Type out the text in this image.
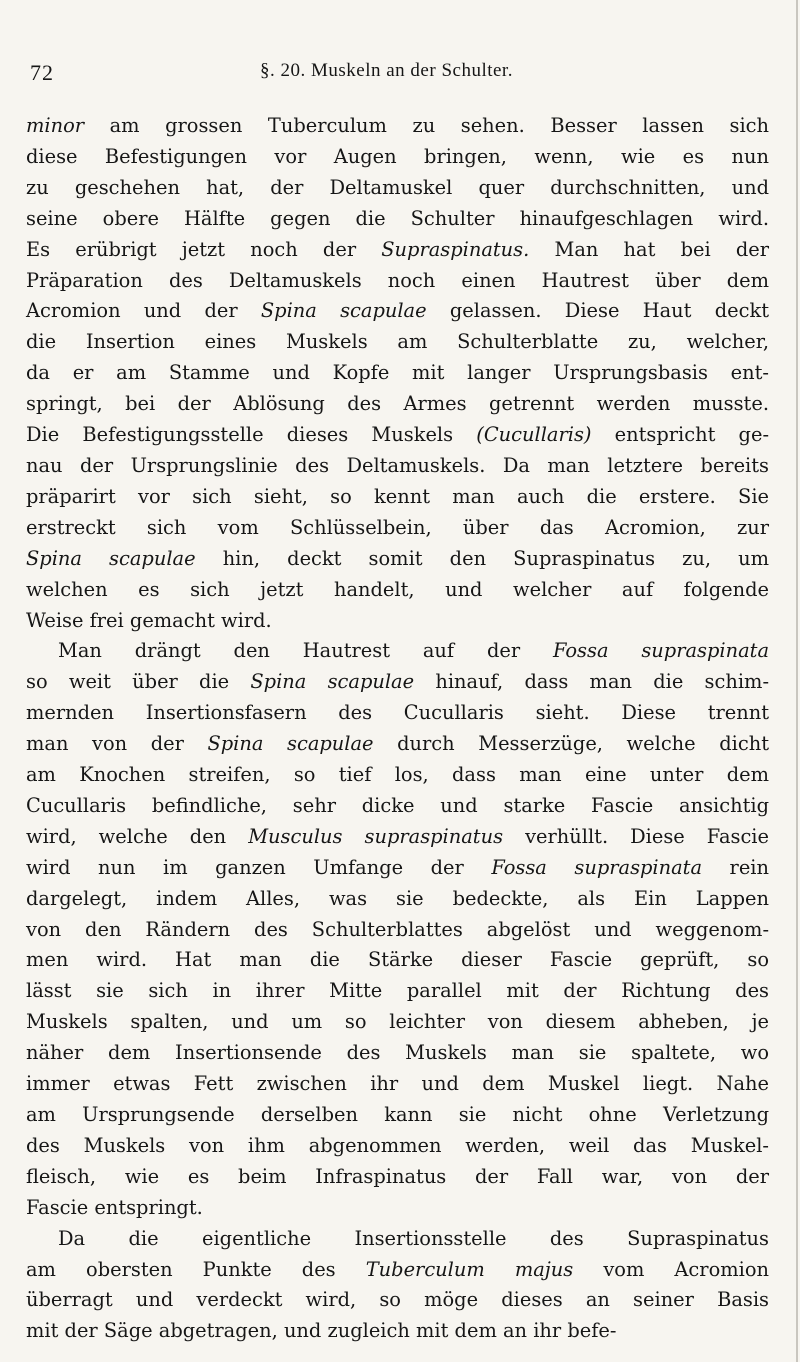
72	§. 20. Muskeln an der Schulter.
minor am grossen Tuberculum zu sehen. Besser lassen sich
diese Befestigungen vor Augen bringen, wenn, wie es nun
zu geschehen hat, der Deltamuskel quer durchschnitten, und
seine obere Hälfte gegen die Schulter hinaufgeschlagen wird.
Es erübrigt jetzt noch der Supraspinatus. Man hat bei der
Präparation des Deltamuskels noch einen Hautrest über dem
Acromion und der Spina scapulae gelassen. Diese Haut deckt
die Insertion eines Muskels am Schulterblatte zu, welcher,
da er am Stamme und Kopfe mit langer Ursprungsbasis ent-
springt, bei der Ablösung des Armes getrennt werden musste.
Die Befestigungsstelle dieses Muskels (Cucullaris) entspricht ge-
nau der Ursprungslinie des Deltamuskels. Da man letztere bereits
präparirt vor sich sieht, so kennt man auch die erstere. Sie
erstreckt sich vom Schlüsselbein, über das Acromion, zur
Spina scapulae hin, deckt somit den Supraspinatus zu, um
welchen es sich jetzt handelt, und welcher auf folgende
Weise frei gemacht wird.
Man drängt den Hautrest auf der Fossa supraspinata
so weit über die Spina scapulae hinauf, dass man die schim-
mernden Insertionsfasern des Cucullaris sieht. Diese trennt
man von der Spina scapulae durch Messerzüge, welche dicht
am Knochen streifen, so tief los, dass man eine unter dem
Cucullaris befindliche, sehr dicke und starke Fascie ansichtig
wird, welche den Musculus supraspinatus verhüllt. Diese Fascie
wird nun im ganzen Umfange der Fossa supraspinata rein
dargelegt, indem Alles, was sie bedeckte, als Ein Lappen
von den Rändern des Schulterblattes abgelöst und weggenom-
men wird. Hat man die Stärke dieser Fascie geprüft, so
lässt sie sich in ihrer Mitte parallel mit der Richtung des
Muskels spalten, und um so leichter von diesem abheben, je
näher dem Insertionsende des Muskels man sie spaltete, wo
immer etwas Fett zwischen ihr und dem Muskel liegt. Nahe
am Ursprungsende derselben kann sie nicht ohne Verletzung
des Muskels von ihm abgenommen werden, weil das Muskel-
fleisch, wie es beim Infraspinatus der Fall war, von der
Fascie entspringt.
Da die eigentliche Insertionsstelle des Supraspinatus
am obersten Punkte des Tuberculum majus vom Acromion
überragt und verdeckt wird, so möge dieses an seiner Basis
mit der Säge abgetragen, und zugleich mit dem an ihr befe-
